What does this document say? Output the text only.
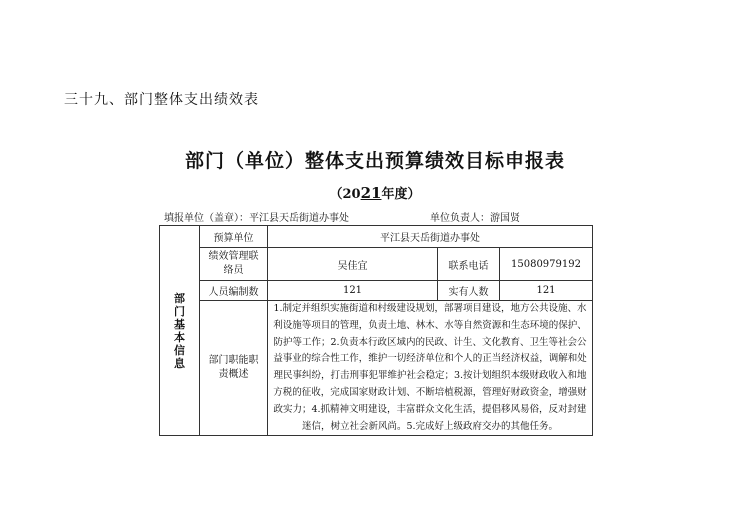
三十九、部门整体支出绩效表
部门（单位）整体支出预算绩效目标申报表
（2021年度）
填报单位（盖章）：平江县天岳街道办事处	单位负责人：游国贤
部门基本信息	预算单位	平江县天岳街道办事处		
	绩效管理联络员	吴佳宜	联系电话	15080979192
	人员编制数	121	实有人数	121
	部门职能职责概述	1.制定并组织实施街道和村级建设规划，部署项目建设，地方公共设施、水利设施等项目的管理，负责土地、林木、水等自然资源和生态环境的保护、防护等工作；2.负责本行政区域内的民政、计生、文化教育、卫生等社会公益事业的综合性工作，维护一切经济单位和个人的正当经济权益，调解和处理民事纠纷，打击刑事犯罪维护社会稳定；3.按计划组织本级财政收入和地方税的征收，完成国家财政计划、不断培植税源，管理好财政资金，增强财政实力；4.抓精神文明建设，丰富群众文化生活，提倡移风易俗，反对封建迷信，树立社会新风尚。5.完成好上级政府交办的其他任务。		
